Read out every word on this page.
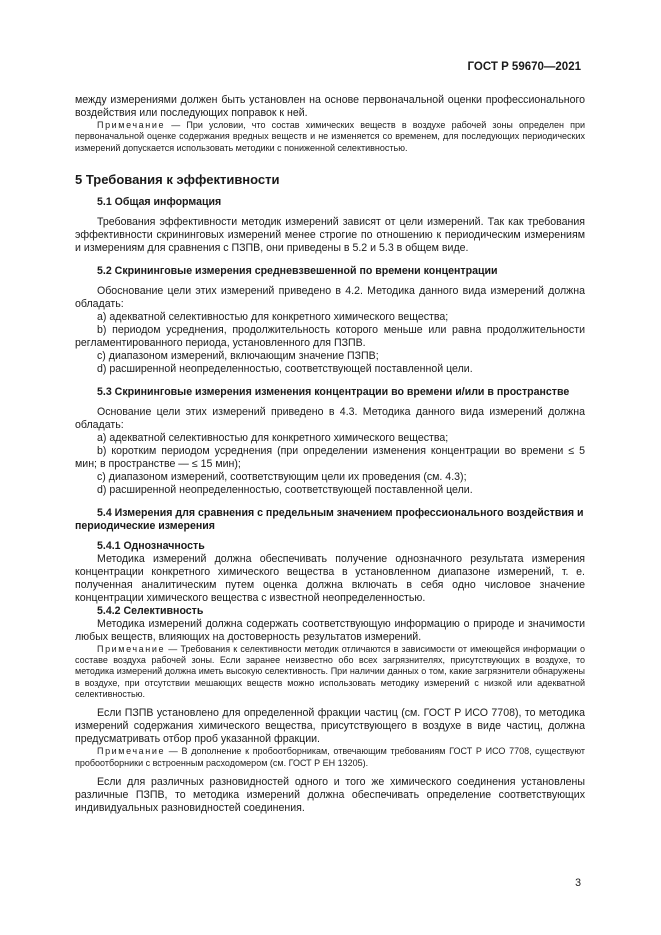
ГОСТ Р 59670—2021

между измерениями должен быть установлен на основе первоначальной оценки профессионального воздействия или последующих поправок к ней.

Примечание — При условии, что состав химических веществ в воздухе рабочей зоны определен при первоначальной оценке содержания вредных веществ и не изменяется со временем, для последующих периодических измерений допускается использовать методики с пониженной селективностью.

5 Требования к эффективности
5.1 Общая информация

Требования эффективности методик измерений зависят от цели измерений. Так как требования эффективности скрининговых измерений менее строгие по отношению к периодическим измерениям и измерениям для сравнения с ПЗПВ, они приведены в 5.2 и 5.3 в общем виде.

5.2 Скрининговые измерения средневзвешенной по времени концентрации

Обоснование цели этих измерений приведено в 4.2. Методика данного вида измерений должна обладать:

a) адекватной селективностью для конкретного химического вещества;

b) периодом усреднения, продолжительность которого меньше или равна продолжительности регламентированного периода, установленного для ПЗПВ.

c) диапазоном измерений, включающим значение ПЗПВ;

d) расширенной неопределенностью, соответствующей поставленной цели.

5.3 Скрининговые измерения изменения концентрации во времени и/или в пространстве

Основание цели этих измерений приведено в 4.3. Методика данного вида измерений должна обладать:

a) адекватной селективностью для конкретного химического вещества;

b) коротким периодом усреднения (при определении изменения концентрации во времени ≤ 5 мин; в пространстве — ≤ 15 мин);

c) диапазоном измерений, соответствующим цели их проведения (см. 4.3);

d) расширенной неопределенностью, соответствующей поставленной цели.

5.4 Измерения для сравнения с предельным значением профессионального воздействия и периодические измерения
5.4.1 Однозначность

Методика измерений должна обеспечивать получение однозначного результата измерения концентрации конкретного химического вещества в установленном диапазоне измерений, т. е. полученная аналитическим путем оценка должна включать в себя одно числовое значение концентрации химического вещества с известной неопределенностью.

5.4.2 Селективность

Методика измерений должна содержать соответствующую информацию о природе и значимости любых веществ, влияющих на достоверность результатов измерений.

Примечание — Требования к селективности методик отличаются в зависимости от имеющейся информации о составе воздуха рабочей зоны. Если заранее неизвестно обо всех загрязнителях, присутствующих в воздухе, то методика измерений должна иметь высокую селективность. При наличии данных о том, какие загрязнители обнаружены в воздухе, при отсутствии мешающих веществ можно использовать методику измерений с низкой или адекватной селективностью.

Если ПЗПВ установлено для определенной фракции частиц (см. ГОСТ Р ИСО 7708), то методика измерений содержания химического вещества, присутствующего в воздухе в виде частиц, должна предусматривать отбор проб указанной фракции.

Примечание — В дополнение к пробоотборникам, отвечающим требованиям ГОСТ Р ИСО 7708, существуют пробоотборники с встроенным расходомером (см. ГОСТ Р ЕН 13205).

Если для различных разновидностей одного и того же химического соединения установлены различные ПЗПВ, то методика измерений должна обеспечивать определение соответствующих индивидуальных разновидностей соединения.

3
